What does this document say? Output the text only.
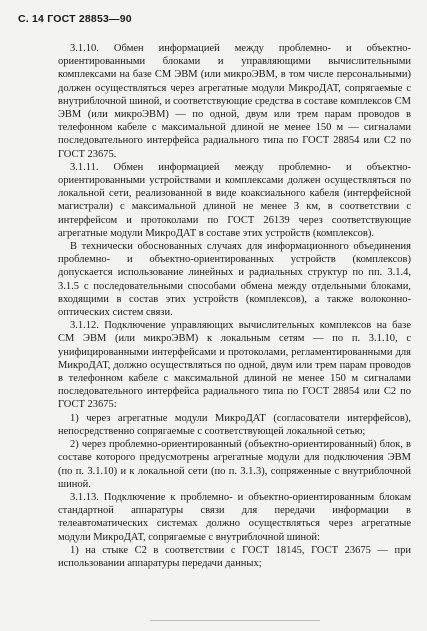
С. 14 ГОСТ 28853—90

3.1.10. Обмен информацией между проблемно- и объектно-ориентированными блоками и управляющими вычислительными комплексами на базе СМ ЭВМ (или микроЭВМ, в том числе персональными) должен осуществляться через агрегатные модули МикроДАТ, сопрягаемые с внутриблочной шиной, и соответствующие средства в составе комплексов СМ ЭВМ (или микроЭВМ) — по одной, двум или трем парам проводов в телефонном кабеле с максимальной длиной не менее 150 м — сигналами последовательного интерфейса радиального типа по ГОСТ 28854 или С2 по ГОСТ 23675.

3.1.11. Обмен информацией между проблемно- и объектно-ориентированными устройствами и комплексами должен осуществляться по локальной сети, реализованной в виде коаксиального кабеля (интерфейсной магистрали) с максимальной длиной не менее 3 км, в соответствии с интерфейсом и протоколами по ГОСТ 26139 через соответствующие агрегатные модули МикроДАТ в составе этих устройств (комплексов).

В технически обоснованных случаях для информационного объединения проблемно- и объектно-ориентированных устройств (комплексов) допускается использование линейных и радиальных структур по пп. 3.1.4, 3.1.5 с последовательными способами обмена между отдельными блоками, входящими в состав этих устройств (комплексов), а также волоконно-оптических систем связи.

3.1.12. Подключение управляющих вычислительных комплексов на базе СМ ЭВМ (или микроЭВМ) к локальным сетям — по п. 3.1.10, с унифицированными интерфейсами и протоколами, регламентированными для МикроДАТ, должно осуществляться по одной, двум или трем парам проводов в телефонном кабеле с максимальной длиной не менее 150 м сигналами последовательного интерфейса радиального типа по ГОСТ 28854 или С2 по ГОСТ 23675:

1) через агрегатные модули МикроДАТ (согласователи интерфейсов), непосредственно сопрягаемые с соответствующей локальной сетью;

2) через проблемно-ориентированный (объектно-ориентированный) блок, в составе которого предусмотрены агрегатные модули для подключения ЭВМ (по п. 3.1.10) и к локальной сети (по п. 3.1.3), сопряженные с внутриблочной шиной.

3.1.13. Подключение к проблемно- и объектно-ориентированным блокам стандартной аппаратуры связи для передачи информации в телеавтоматических системах должно осуществляться через агрегатные модули МикроДАТ, сопрягаемые с внутриблочной шиной:

1) на стыке С2 в соответствии с ГОСТ 18145, ГОСТ 23675 — при использовании аппаратуры передачи данных;
